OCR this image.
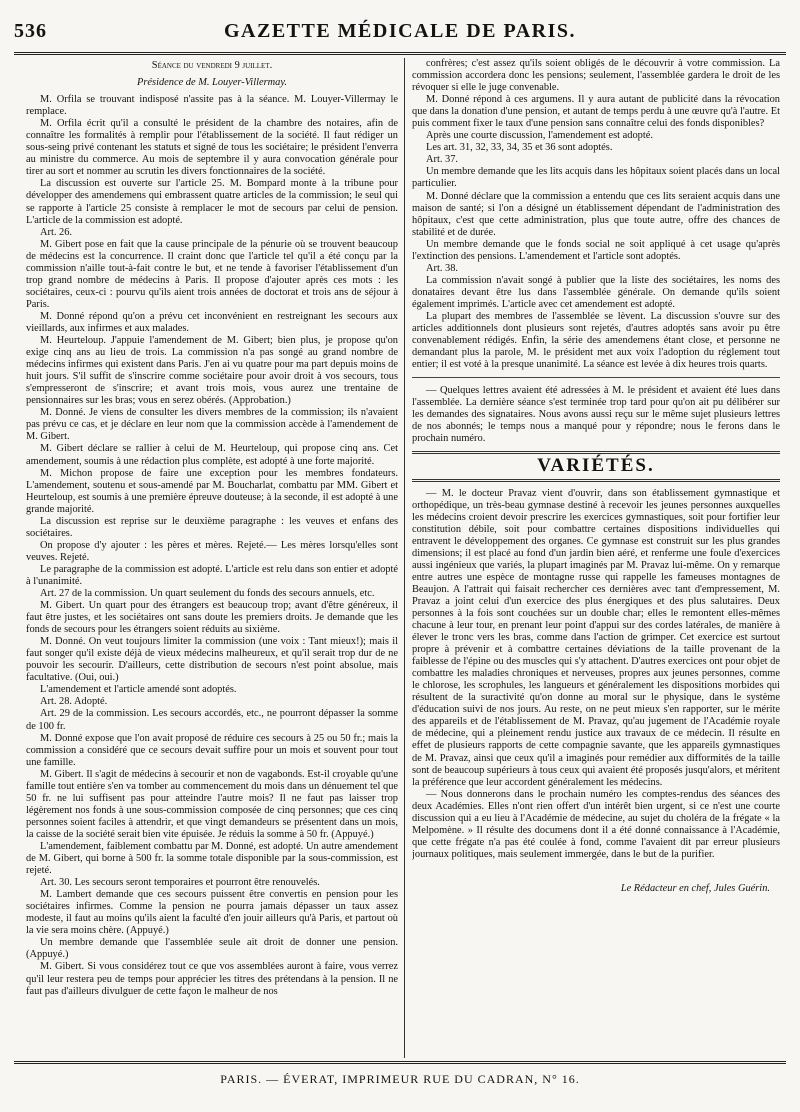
536	GAZETTE MÉDICALE DE PARIS.

Séance du vendredi 9 juillet.

Présidence de M. Louyer-Villermay.

M. Orfila se trouvant indisposé n'assite pas à la séance. M. Louyer-Villermay le remplace.

M. Orfila écrit qu'il a consulté le président de la chambre des notaires, afin de connaître les formalités à remplir pour l'établissement de la société. Il faut rédiger un sous-seing privé contenant les statuts et signé de tous les sociétaire; le président l'enverra au ministre du commerce. Au mois de septembre il y aura convocation générale pour tirer au sort et nommer au scrutin les divers fonctionnaires de la société.

La discussion est ouverte sur l'article 25. M. Bompard monte à la tribune pour développer des amendemens qui embrassent quatre articles de la commission; le seul qui se rapporte à l'article 25 consiste à remplacer le mot de secours par celui de pension. L'article de la commission est adopté.

Art. 26.

M. Gibert pose en fait que la cause principale de la pénurie où se trouvent beaucoup de médecins est la concurrence. Il craint donc que l'article tel qu'il a été conçu par la commission n'aille tout-à-fait contre le but, et ne tende à favoriser l'établissement d'un trop grand nombre de médecins à Paris. Il propose d'ajouter après ces mots : les sociétaires, ceux-ci : pourvu qu'ils aient trois années de doctorat et trois ans de séjour à Paris.

M. Donné répond qu'on a prévu cet inconvénient en restreignant les secours aux vieillards, aux infirmes et aux malades.

M. Heurteloup. J'appuie l'amendement de M. Gibert; bien plus, je propose qu'on exige cinq ans au lieu de trois. La commission n'a pas songé au grand nombre de médecins infirmes qui existent dans Paris. J'en ai vu quatre pour ma part depuis moins de huit jours. S'il suffit de s'inscrire comme sociétaire pour avoir droit à vos secours, tous s'empresseront de s'inscrire; et avant trois mois, vous aurez une trentaine de pensionnaires sur les bras; vous en serez obérés. (Approbation.)

M. Donné. Je viens de consulter les divers membres de la commission; ils n'avaient pas prévu ce cas, et je déclare en leur nom que la commission accède à l'amendement de M. Gibert.

M. Gibert déclare se rallier à celui de M. Heurteloup, qui propose cinq ans. Cet amendement, soumis à une rédaction plus complète, est adopté à une forte majorité.

M. Michon propose de faire une exception pour les membres fondateurs. L'amendement, soutenu et sous-amendé par M. Boucharlat, combattu par MM. Gibert et Heurteloup, est soumis à une première épreuve douteuse; à la seconde, il est adopté à une grande majorité.

La discussion est reprise sur le deuxième paragraphe : les veuves et enfans des sociétaires.

On propose d'y ajouter : les pères et mères. Rejeté.— Les mères lorsqu'elles sont veuves. Rejeté.

Le paragraphe de la commission est adopté. L'article est relu dans son entier et adopté à l'unanimité.

Art. 27 de la commission. Un quart seulement du fonds des secours annuels, etc.

M. Gibert. Un quart pour des étrangers est beaucoup trop; avant d'être généreux, il faut être justes, et les sociétaires ont sans doute les premiers droits. Je demande que les fonds de secours pour les étrangers soient réduits au sixième.

M. Donné. On veut toujours limiter la commission (une voix : Tant mieux!); mais il faut songer qu'il existe déjà de vieux médecins malheureux, et qu'il serait trop dur de ne pouvoir les secourir. D'ailleurs, cette distribution de secours n'est point absolue, mais facultative. (Oui, oui.)

L'amendement et l'article amendé sont adoptés.

Art. 28. Adopté.

Art. 29 de la commission. Les secours accordés, etc., ne pourront dépasser la somme de 100 fr.

M. Donné expose que l'on avait proposé de réduire ces secours à 25 ou 50 fr.; mais la commission a considéré que ce secours devait suffire pour un mois et souvent pour tout une famille.

M. Gibert. Il s'agit de médecins à secourir et non de vagabonds. Est-il croyable qu'une famille tout entière s'en va tomber au commencement du mois dans un dénuement tel que 50 fr. ne lui suffisent pas pour atteindre l'autre mois? Il ne faut pas laisser trop légèrement nos fonds à une sous-commission composée de cinq personnes; que ces cinq personnes soient faciles à attendrir, et que vingt demandeurs se présentent dans un mois, la caisse de la société serait bien vite épuisée. Je réduis la somme à 50 fr. (Appuyé.)

L'amendement, faiblement combattu par M. Donné, est adopté. Un autre amendement de M. Gibert, qui borne à 500 fr. la somme totale disponible par la sous-commission, est rejeté.

Art. 30. Les secours seront temporaires et pourront être renouvelés.

M. Lambert demande que ces secours puissent être convertis en pension pour les sociétaires infirmes. Comme la pension ne pourra jamais dépasser un taux assez modeste, il faut au moins qu'ils aient la faculté d'en jouir ailleurs qu'à Paris, et partout où la vie sera moins chère. (Appuyé.)

Un membre demande que l'assemblée seule ait droit de donner une pension. (Appuyé.)

M. Gibert. Si vous considérez tout ce que vos assemblées auront à faire, vous verrez qu'il leur restera peu de temps pour apprécier les titres des prétendans à la pension. Il ne faut pas d'ailleurs divulguer de cette façon le malheur de nos

confrères; c'est assez qu'ils soient obligés de le découvrir à votre commission. La commission accordera donc les pensions; seulement, l'assemblée gardera le droit de les révoquer si elle le juge convenable.

M. Donné répond à ces argumens. Il y aura autant de publicité dans la révocation que dans la donation d'une pension, et autant de temps perdu à une œuvre qu'à l'autre. Et puis comment fixer le taux d'une pension sans connaître celui des fonds disponibles?

Après une courte discussion, l'amendement est adopté.

Les art. 31, 32, 33, 34, 35 et 36 sont adoptés.

Art. 37.

Un membre demande que les lits acquis dans les hôpitaux soient placés dans un local particulier.

M. Donné déclare que la commission a entendu que ces lits seraient acquis dans une maison de santé; si l'on a désigné un établissement dépendant de l'administration des hôpitaux, c'est que cette administration, plus que toute autre, offre des chances de stabilité et de durée.

Un membre demande que le fonds social ne soit appliqué à cet usage qu'après l'extinction des pensions. L'amendement et l'article sont adoptés.

Art. 38.

La commission n'avait songé à publier que la liste des sociétaires, les noms des donataires devant être lus dans l'assemblée générale. On demande qu'ils soient également imprimés. L'article avec cet amendement est adopté.

La plupart des membres de l'assemblée se lèvent. La discussion s'ouvre sur des articles additionnels dont plusieurs sont rejetés, d'autres adoptés sans avoir pu être convenablement rédigés. Enfin, la série des amendemens étant close, et personne ne demandant plus la parole, M. le président met aux voix l'adoption du réglement tout entier; il est voté à la presque unanimité. La séance est levée à dix heures trois quarts.

— Quelques lettres avaient été adressées à M. le président et avaient été lues dans l'assemblée. La dernière séance s'est terminée trop tard pour qu'on ait pu délibérer sur les demandes des signataires. Nous avons aussi reçu sur le même sujet plusieurs lettres de nos abonnés; le temps nous a manqué pour y répondre; nous le ferons dans le prochain numéro.

VARIÉTÉS.

— M. le docteur Pravaz vient d'ouvrir, dans son établissement gymnastique et orthopédique, un très-beau gymnase destiné à recevoir les jeunes personnes auxquelles les médecins croient devoir prescrire les exercices gymnastiques, soit pour fortifier leur constitution débile, soit pour combattre certaines dispositions individuelles qui entravent le développement des organes. Ce gymnase est construit sur les plus grandes dimensions; il est placé au fond d'un jardin bien aéré, et renferme une foule d'exercices aussi ingénieux que variés, la plupart imaginés par M. Pravaz lui-même. On y remarque entre autres une espèce de montagne russe qui rappelle les fameuses montagnes de Beaujon. A l'attrait qui faisait rechercher ces dernières avec tant d'empressement, M. Pravaz a joint celui d'un exercice des plus énergiques et des plus salutaires. Deux personnes à la fois sont couchées sur un double char; elles le remontent elles-mêmes chacune à leur tour, en prenant leur point d'appui sur des cordes latérales, de manière à élever le tronc vers les bras, comme dans l'action de grimper. Cet exercice est surtout propre à prévenir et à combattre certaines déviations de la taille provenant de la faiblesse de l'épine ou des muscles qui s'y attachent. D'autres exercices ont pour objet de combattre les maladies chroniques et nerveuses, propres aux jeunes personnes, comme le chlorose, les scrophules, les langueurs et généralement les dispositions morbides qui résultent de la suractivité qu'on donne au moral sur le physique, dans le système d'éducation suivi de nos jours. Au reste, on ne peut mieux s'en rapporter, sur le mérite des appareils et de l'établissement de M. Pravaz, qu'au jugement de l'Académie royale de médecine, qui a pleinement rendu justice aux travaux de ce médecin. Il résulte en effet de plusieurs rapports de cette compagnie savante, que les appareils gymnastiques de M. Pravaz, ainsi que ceux qu'il a imaginés pour remédier aux difformités de la taille sont de beaucoup supérieurs à tous ceux qui avaient été proposés jusqu'alors, et méritent la préférence que leur accordent généralement les médecins.

— Nous donnerons dans le prochain numéro les comptes-rendus des séances des deux Académies. Elles n'ont rien offert d'un intérêt bien urgent, si ce n'est une courte discussion qui a eu lieu à l'Académie de médecine, au sujet du choléra de la frégate « la Melpomène. » Il résulte des documens dont il a été donné connaissance à l'Académie, que cette frégate n'a pas été coulée à fond, comme l'avaient dit par erreur plusieurs journaux politiques, mais seulement immergée, dans le but de la purifier.

Le Rédacteur en chef, Jules Guérin.
PARIS. — ÉVERAT, IMPRIMEUR RUE DU CADRAN, N° 16.
